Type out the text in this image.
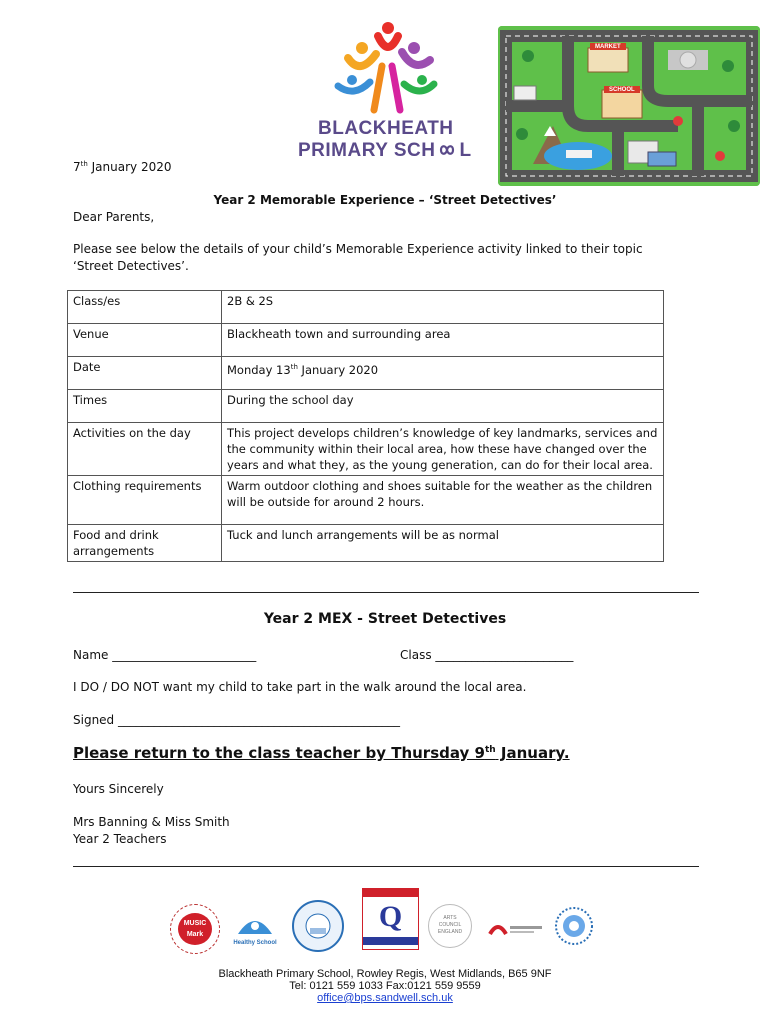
BLACKHEATH
PRIMARY SCH L
MARKET
SCHOOL
7th January 2020
Year 2 Memorable Experience – ‘Street Detectives’
Dear Parents,
Please see below the details of your child’s Memorable Experience activity linked to their topic ‘Street Detectives’.
Class/es	2B & 2S
Venue	Blackheath town and surrounding area
Date	Monday 13th January 2020
Times	During the school day
Activities on the day	This project develops children’s knowledge of key landmarks, services and the community within their local area, how these have changed over the years and what they, as the young generation, can do for their local area.
Clothing requirements	Warm outdoor clothing and shoes suitable for the weather as the children will be outside for around 2 hours.
Food and drink arrangements	Tuck and lunch arrangements will be as normal
Year 2 MEX - Street Detectives
Name ________________________	Class _______________________
I DO / DO NOT want my child to take part in the walk around the local area.
Signed _______________________________________________
Please return to the class teacher by Thursday 9th January.
Yours Sincerely
Mrs Banning & Miss Smith
Year 2 Teachers
MUSIC Mark
Healthy School
Q	ARTS COUNCIL ENGLAND
Blackheath Primary School, Rowley Regis, West Midlands, B65 9NF
Tel: 0121 559 1033 Fax:0121 559 9559
office@bps.sandwell.sch.uk
